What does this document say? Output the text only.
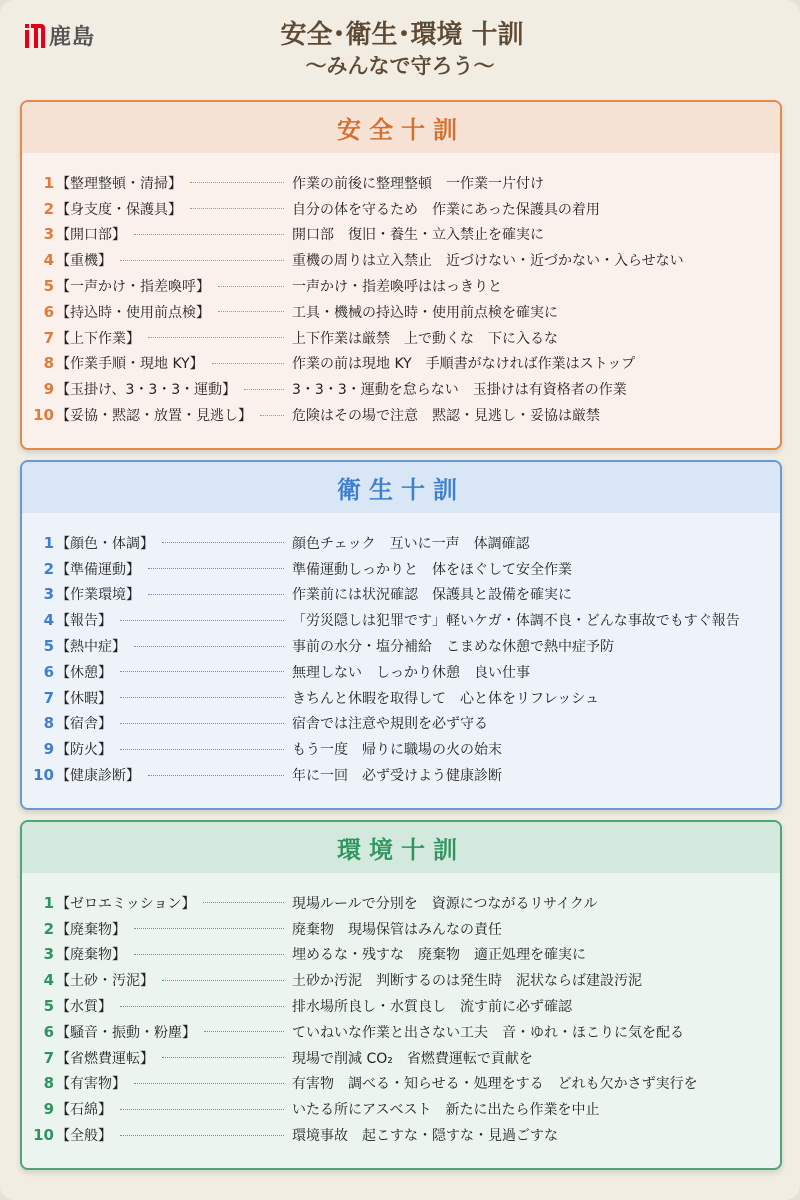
鹿島	安全･衛生･環境 十訓
〜みんなで守ろう〜
安全十訓
1 【整理整頓・清掃】	作業の前後に整理整頓　一作業一片付け
2 【身支度・保護具】	自分の体を守るため　作業にあった保護具の着用
3 【開口部】	開口部　復旧・養生・立入禁止を確実に
4 【重機】	重機の周りは立入禁止　近づけない・近づかない・入らせない
5 【一声かけ・指差喚呼】	一声かけ・指差喚呼ははっきりと
6 【持込時・使用前点検】	工具・機械の持込時・使用前点検を確実に
7 【上下作業】	上下作業は厳禁　上で動くな　下に入るな
8 【作業手順・現地 KY】	作業の前は現地 KY　手順書がなければ作業はストップ
9 【玉掛け、3・3・3・運動】	3・3・3・運動を怠らない　玉掛けは有資格者の作業
10 【妥協・黙認・放置・見逃し】	危険はその場で注意　黙認・見逃し・妥協は厳禁
衛生十訓
1 【顔色・体調】	顔色チェック　互いに一声　体調確認
2 【準備運動】	準備運動しっかりと　体をほぐして安全作業
3 【作業環境】	作業前には状況確認　保護具と設備を確実に
4 【報告】	「労災隠しは犯罪です」軽いケガ・体調不良・どんな事故でもすぐ報告
5 【熱中症】	事前の水分・塩分補給　こまめな休憩で熱中症予防
6 【休憩】	無理しない　しっかり休憩　良い仕事
7 【休暇】	きちんと休暇を取得して　心と体をリフレッシュ
8 【宿舎】	宿舎では注意や規則を必ず守る
9 【防火】	もう一度　帰りに職場の火の始末
10 【健康診断】	年に一回　必ず受けよう健康診断
環境十訓
1 【ゼロエミッション】	現場ルールで分別を　資源につながるリサイクル
2 【廃棄物】	廃棄物　現場保管はみんなの責任
3 【廃棄物】	埋めるな・残すな　廃棄物　適正処理を確実に
4 【土砂・汚泥】	土砂か汚泥　判断するのは発生時　泥状ならば建設汚泥
5 【水質】	排水場所良し・水質良し　流す前に必ず確認
6 【騒音・振動・粉塵】	ていねいな作業と出さない工夫　音・ゆれ・ほこりに気を配る
7 【省燃費運転】	現場で削減 CO₂　省燃費運転で貢献を
8 【有害物】	有害物　調べる・知らせる・処理をする　どれも欠かさず実行を
9 【石綿】	いたる所にアスベスト　新たに出たら作業を中止
10 【全般】	環境事故　起こすな・隠すな・見過ごすな
